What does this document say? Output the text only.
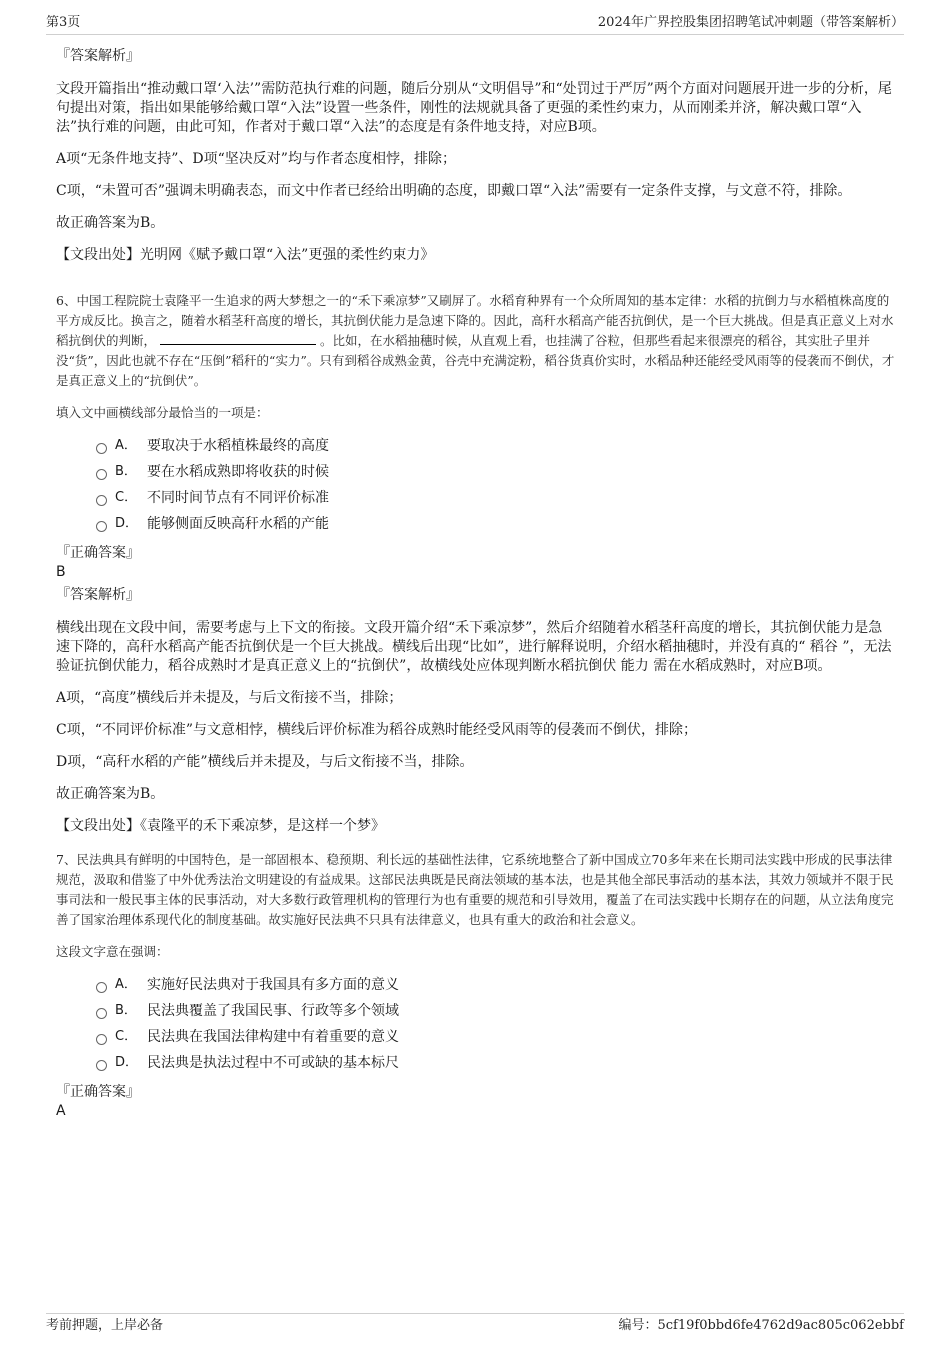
第3页	2024年广界控股集团招聘笔试冲刺题（带答案解析）

『答案解析』

文段开篇指出“推动戴口罩‘入法’”需防范执行难的问题，随后分别从“文明倡导”和“处罚过于严厉”两个方面对问题展开进一步的分析，尾句提出对策，指出如果能够给戴口罩“入法”设置一些条件，刚性的法规就具备了更强的柔性约束力，从而刚柔并济，解决戴口罩“入法”执行难的问题，由此可知，作者对于戴口罩“入法”的态度是有条件地支持，对应B项。

A项“无条件地支持”、D项“坚决反对”均与作者态度相悖，排除；

C项，“未置可否”强调未明确表态，而文中作者已经给出明确的态度，即戴口罩“入法”需要有一定条件支撑，与文意不符，排除。

故正确答案为B。

【文段出处】光明网《赋予戴口罩“入法”更强的柔性约束力》

6、中国工程院院士袁隆平一生追求的两大梦想之一的“禾下乘凉梦”又刷屏了。水稻育种界有一个众所周知的基本定律：水稻的抗倒力与水稻植株高度的平方成反比。换言之，随着水稻茎秆高度的增长，其抗倒伏能力是急速下降的。因此，高秆水稻高产能否抗倒伏，是一个巨大挑战。但是真正意义上对水稻抗倒伏的判断，	。比如，在水稻抽穗时候，从直观上看，也挂满了谷粒，但那些看起来很漂亮的稻谷，其实肚子里并没“货”，因此也就不存在“压倒”稻秆的“实力”。只有到稻谷成熟金黄，谷壳中充满淀粉，稻谷货真价实时，水稻品种还能经受风雨等的侵袭而不倒伏，才是真正意义上的“抗倒伏”。

填入文中画横线部分最恰当的一项是：

A． 要取决于水稻植株最终的高度
B． 要在水稻成熟即将收获的时候
C． 不同时间节点有不同评价标准
D． 能够侧面反映高秆水稻的产能

『正确答案』

B

『答案解析』

横线出现在文段中间，需要考虑与上下文的衔接。文段开篇介绍“禾下乘凉梦”，然后介绍随着水稻茎秆高度的增长，其抗倒伏能力是急速下降的，高秆水稻高产能否抗倒伏是一个巨大挑战。横线后出现“比如”，进行解释说明，介绍水稻抽穗时，并没有真的“ 稻谷 ”，无法验证抗倒伏能力，稻谷成熟时才是真正意义上的“抗倒伏”，故横线处应体现判断水稻抗倒伏 能力 需在水稻成熟时，对应B项。

A项，“高度”横线后并未提及，与后文衔接不当，排除；

C项，“不同评价标准”与文意相悖，横线后评价标准为稻谷成熟时能经受风雨等的侵袭而不倒伏，排除；

D项，“高秆水稻的产能”横线后并未提及，与后文衔接不当，排除。

故正确答案为B。

【文段出处】《袁隆平的禾下乘凉梦，是这样一个梦》

7、民法典具有鲜明的中国特色，是一部固根本、稳预期、利长远的基础性法律，它系统地整合了新中国成立70多年来在长期司法实践中形成的民事法律规范，汲取和借鉴了中外优秀法治文明建设的有益成果。这部民法典既是民商法领域的基本法，也是其他全部民事活动的基本法，其效力领域并不限于民事司法和一般民事主体的民事活动，对大多数行政管理机构的管理行为也有重要的规范和引导效用，覆盖了在司法实践中长期存在的问题，从立法角度完善了国家治理体系现代化的制度基础。故实施好民法典不只具有法律意义，也具有重大的政治和社会意义。

这段文字意在强调：

A． 实施好民法典对于我国具有多方面的意义
B． 民法典覆盖了我国民事、行政等多个领域
C． 民法典在我国法律构建中有着重要的意义
D． 民法典是执法过程中不可或缺的基本标尺

『正确答案』

A

考前押题，上岸必备	编号：5cf19f0bbd6fe4762d9ac805c062ebbf
